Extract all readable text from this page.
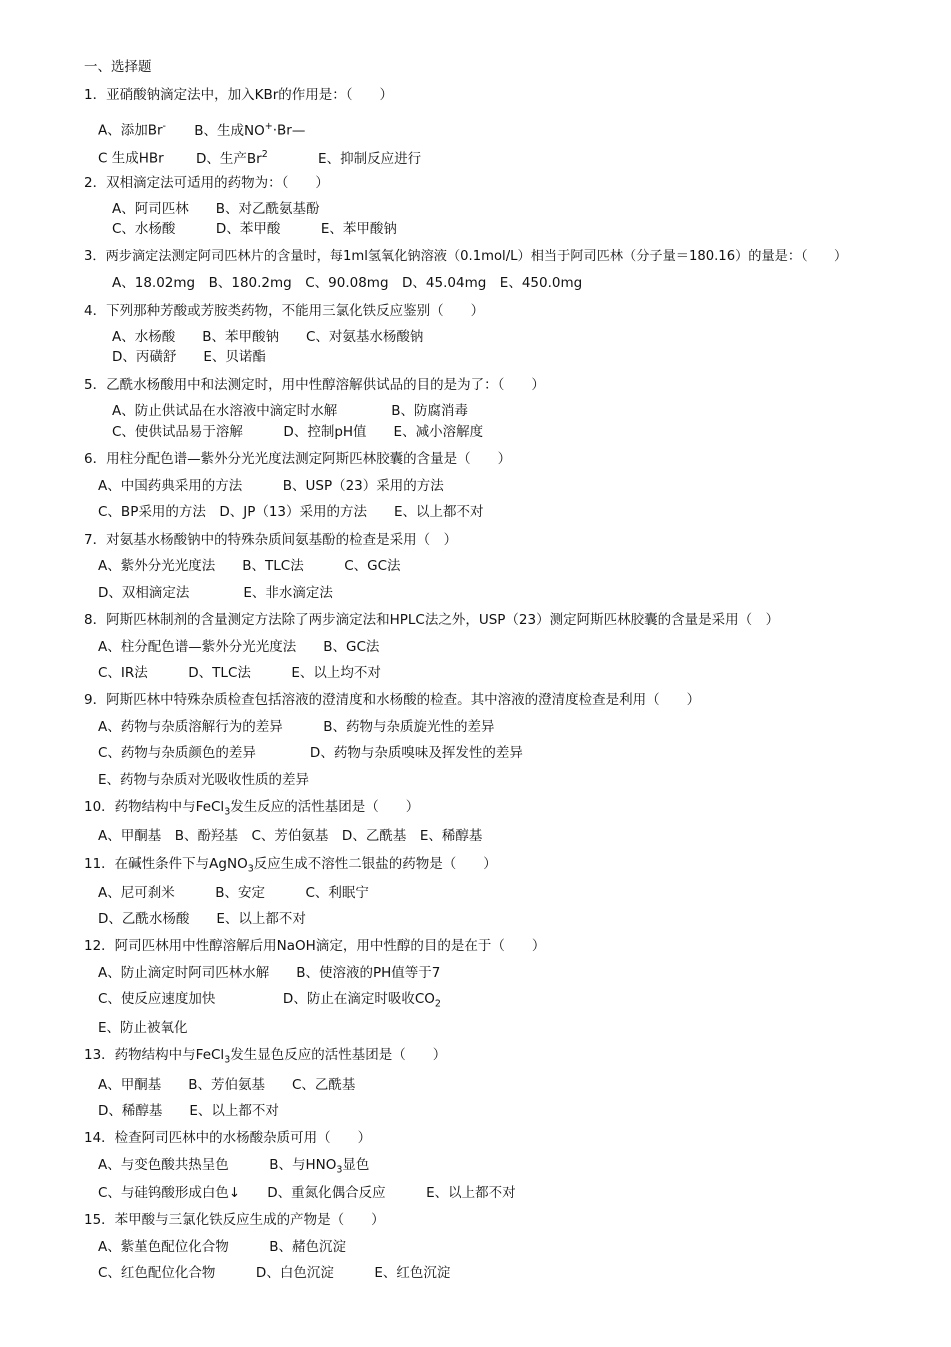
一、选择题
1．亚硝酸钠滴定法中，加入KBr的作用是：（　　）
A、添加Br- B、生成NO+·Br—
C 生成HBr D、生产Br$^2$	E、抑制反应进行
2．双相滴定法可适用的药物为：（　　）
A、阿司匹林　　B、对乙酰氨基酚
C、水杨酸　　　D、苯甲酸　　　E、苯甲酸钠
3．两步滴定法测定阿司匹林片的含量时，每1ml氢氧化钠溶液（0.1mol/L）相当于阿司匹林（分子量＝180.16）的量是：（　　）
A、18.02mg　B、180.2mg　C、90.08mg　D、45.04mg　E、450.0mg
4．下列那种芳酸或芳胺类药物，不能用三氯化铁反应鉴别（　　）
A、水杨酸　　B、苯甲酸钠　　C、对氨基水杨酸钠
D、丙磺舒　　E、贝诺酯
5．乙酰水杨酸用中和法测定时，用中性醇溶解供试品的目的是为了：（　　）
A、防止供试品在水溶液中滴定时水解　　　　B、防腐消毒
C、使供试品易于溶解　　　D、控制pH值　　E、减小溶解度
6．用柱分配色谱—紫外分光光度法测定阿斯匹林胶囊的含量是（　　）
A、中国药典采用的方法　　　B、USP（23）采用的方法
C、BP采用的方法　D、JP（13）采用的方法　　E、以上都不对
7．对氨基水杨酸钠中的特殊杂质间氨基酚的检查是采用（　）
A、紫外分光光度法　　B、TLC法　　　C、GC法
D、双相滴定法　　　　E、非水滴定法
8．阿斯匹林制剂的含量测定方法除了两步滴定法和HPLC法之外，USP（23）测定阿斯匹林胶囊的含量是采用（　）
A、柱分配色谱—紫外分光光度法　　B、GC法
C、IR法　　　D、TLC法　　　E、以上均不对
9．阿斯匹林中特殊杂质检查包括溶液的澄清度和水杨酸的检查。其中溶液的澄清度检查是利用（　　）
A、药物与杂质溶解行为的差异　　　B、药物与杂质旋光性的差异
C、药物与杂质颜色的差异　　　　D、药物与杂质嗅味及挥发性的差异
E、药物与杂质对光吸收性质的差异
10．药物结构中与FeCl$_3$发生反应的活性基团是（　　）
A、甲酮基　B、酚羟基　C、芳伯氨基　D、乙酰基　E、稀醇基
11．在碱性条件下与AgNO$_3$反应生成不溶性二银盐的药物是（　　）
A、尼可刹米　　　B、安定　　　C、利眠宁
D、乙酰水杨酸　　E、以上都不对
12．阿司匹林用中性醇溶解后用NaOH滴定，用中性醇的目的是在于（　　）
A、防止滴定时阿司匹林水解　　B、使溶液的PH值等于7
C、使反应速度加快　　　　　D、防止在滴定时吸收$CO_2$
E、防止被氧化
13．药物结构中与FeCl$_3$发生显色反应的活性基团是（　　）
A、甲酮基　　B、芳伯氨基　　C、乙酰基
D、稀醇基　　E、以上都不对
14．检查阿司匹林中的水杨酸杂质可用（　　）
A、与变色酸共热呈色　　　B、与$HNO_3$显色
C、与硅钨酸形成白色↓　　D、重氮化偶合反应　　　E、以上都不对
15．苯甲酸与三氯化铁反应生成的产物是（　　）
A、紫堇色配位化合物　　　B、赭色沉淀
C、红色配位化合物　　　D、白色沉淀　　　E、红色沉淀
